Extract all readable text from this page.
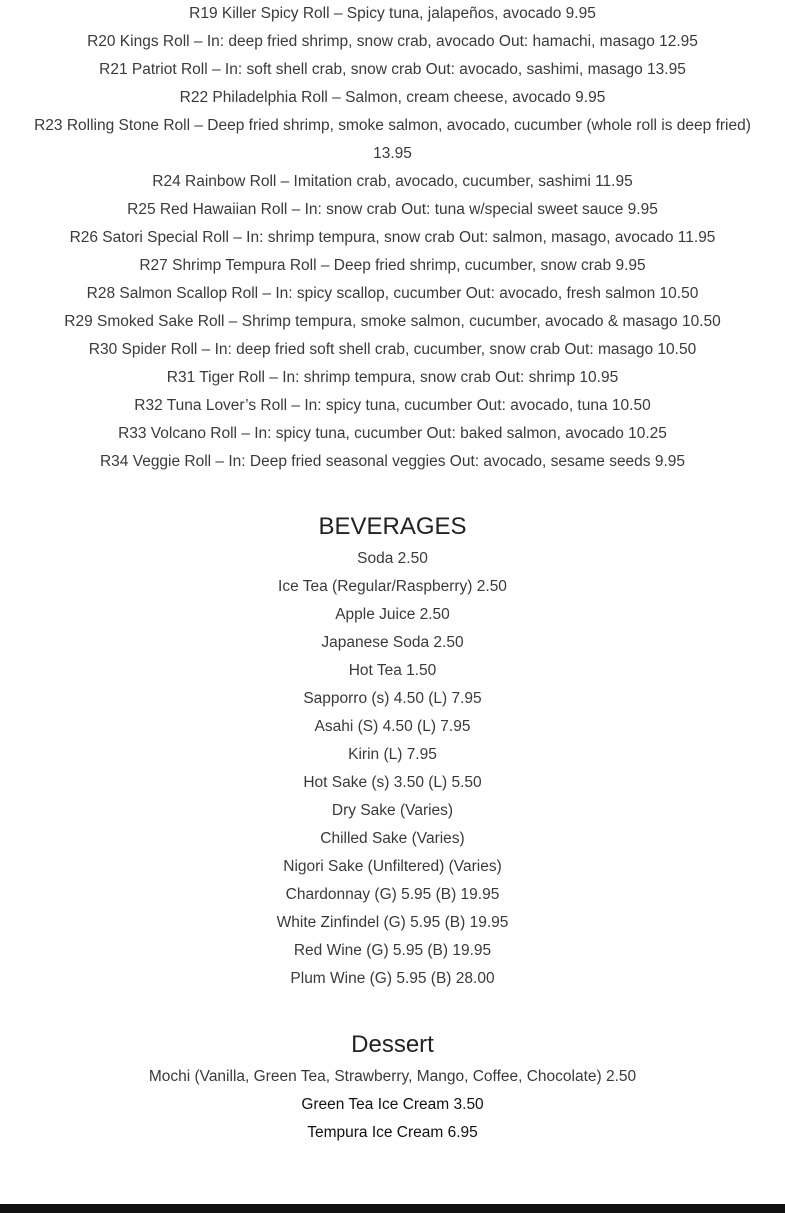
R19 Killer Spicy Roll – Spicy tuna, jalapeños, avocado 9.95

R20 Kings Roll – In: deep fried shrimp, snow crab, avocado Out: hamachi, masago 12.95

R21 Patriot Roll – In: soft shell crab, snow crab Out: avocado, sashimi, masago 13.95

R22 Philadelphia Roll – Salmon, cream cheese, avocado 9.95

R23 Rolling Stone Roll – Deep fried shrimp, smoke salmon, avocado, cucumber (whole roll is deep fried) 13.95

R24 Rainbow Roll – Imitation crab, avocado, cucumber, sashimi 11.95

R25 Red Hawaiian Roll – In: snow crab Out: tuna w/special sweet sauce 9.95

R26 Satori Special Roll – In: shrimp tempura, snow crab Out: salmon, masago, avocado 11.95

R27 Shrimp Tempura Roll – Deep fried shrimp, cucumber, snow crab 9.95

R28 Salmon Scallop Roll – In: spicy scallop, cucumber Out: avocado, fresh salmon 10.50

R29 Smoked Sake Roll – Shrimp tempura, smoke salmon, cucumber, avocado & masago 10.50

R30 Spider Roll – In: deep fried soft shell crab, cucumber, snow crab Out: masago 10.50

R31 Tiger Roll – In: shrimp tempura, snow crab Out: shrimp 10.95

R32 Tuna Lover’s Roll – In: spicy tuna, cucumber Out: avocado, tuna 10.50

R33 Volcano Roll – In: spicy tuna, cucumber Out: baked salmon, avocado 10.25

R34 Veggie Roll – In: Deep fried seasonal veggies Out: avocado, sesame seeds 9.95

BEVERAGES

Soda 2.50

Ice Tea (Regular/Raspberry) 2.50

Apple Juice 2.50

Japanese Soda 2.50

Hot Tea 1.50

Sapporro (s) 4.50 (L) 7.95

Asahi (S) 4.50 (L) 7.95

Kirin (L) 7.95

Hot Sake (s) 3.50 (L) 5.50

Dry Sake (Varies)

Chilled Sake (Varies)

Nigori Sake (Unfiltered) (Varies)

Chardonnay (G) 5.95 (B) 19.95

White Zinfindel (G) 5.95 (B) 19.95

Red Wine (G) 5.95 (B) 19.95

Plum Wine (G) 5.95 (B) 28.00

Dessert

Mochi (Vanilla, Green Tea, Strawberry, Mango, Coffee, Chocolate) 2.50

Green Tea Ice Cream 3.50

Tempura Ice Cream 6.95
